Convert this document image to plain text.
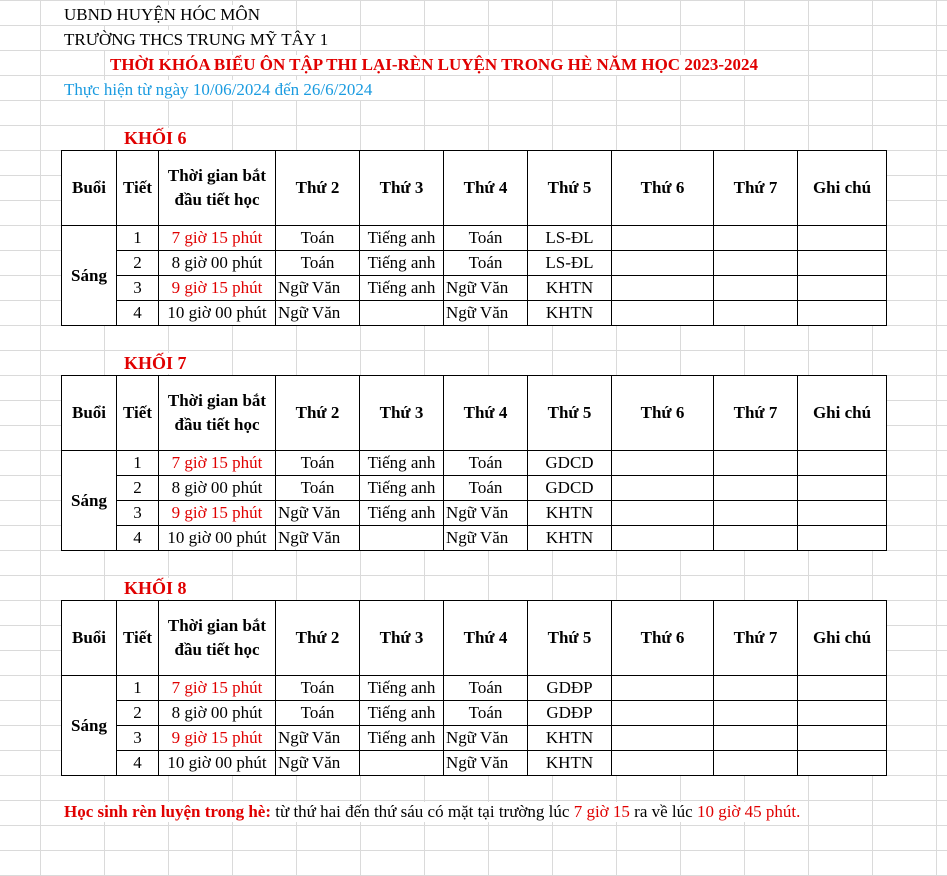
UBND HUYỆN HÓC MÔN
TRƯỜNG THCS TRUNG MỸ TÂY 1
THỜI KHÓA BIỂU ÔN TẬP THI LẠI-RÈN LUYỆN TRONG HÈ NĂM HỌC 2023-2024
Thực hiện từ ngày 10/06/2024 đến 26/6/2024
KHỐI 6
Buổi	Tiết	Thời gian bắt
đầu tiết học	Thứ 2	Thứ 3	Thứ 4	Thứ 5	Thứ 6	Thứ 7	Ghi chú
Sáng	1	7 giờ 15 phút	Toán	Tiếng anh	Toán	LS-ĐL			
	2	8 giờ 00 phút	Toán	Tiếng anh	Toán	LS-ĐL			
	3	9 giờ 15 phút	Ngữ Văn	Tiếng anh	Ngữ Văn	KHTN			
	4	10 giờ 00 phút	Ngữ Văn		Ngữ Văn	KHTN			
KHỐI 7
Buổi	Tiết	Thời gian bắt
đầu tiết học	Thứ 2	Thứ 3	Thứ 4	Thứ 5	Thứ 6	Thứ 7	Ghi chú
Sáng	1	7 giờ 15 phút	Toán	Tiếng anh	Toán	GDCD			
	2	8 giờ 00 phút	Toán	Tiếng anh	Toán	GDCD			
	3	9 giờ 15 phút	Ngữ Văn	Tiếng anh	Ngữ Văn	KHTN			
	4	10 giờ 00 phút	Ngữ Văn		Ngữ Văn	KHTN			
KHỐI 8
Buổi	Tiết	Thời gian bắt
đầu tiết học	Thứ 2	Thứ 3	Thứ 4	Thứ 5	Thứ 6	Thứ 7	Ghi chú
Sáng	1	7 giờ 15 phút	Toán	Tiếng anh	Toán	GDĐP			
	2	8 giờ 00 phút	Toán	Tiếng anh	Toán	GDĐP			
	3	9 giờ 15 phút	Ngữ Văn	Tiếng anh	Ngữ Văn	KHTN			
	4	10 giờ 00 phút	Ngữ Văn		Ngữ Văn	KHTN			
Học sinh rèn luyện trong hè: từ thứ hai đến thứ sáu có mặt tại trường lúc 7 giờ 15 ra về lúc 10 giờ 45 phút.
